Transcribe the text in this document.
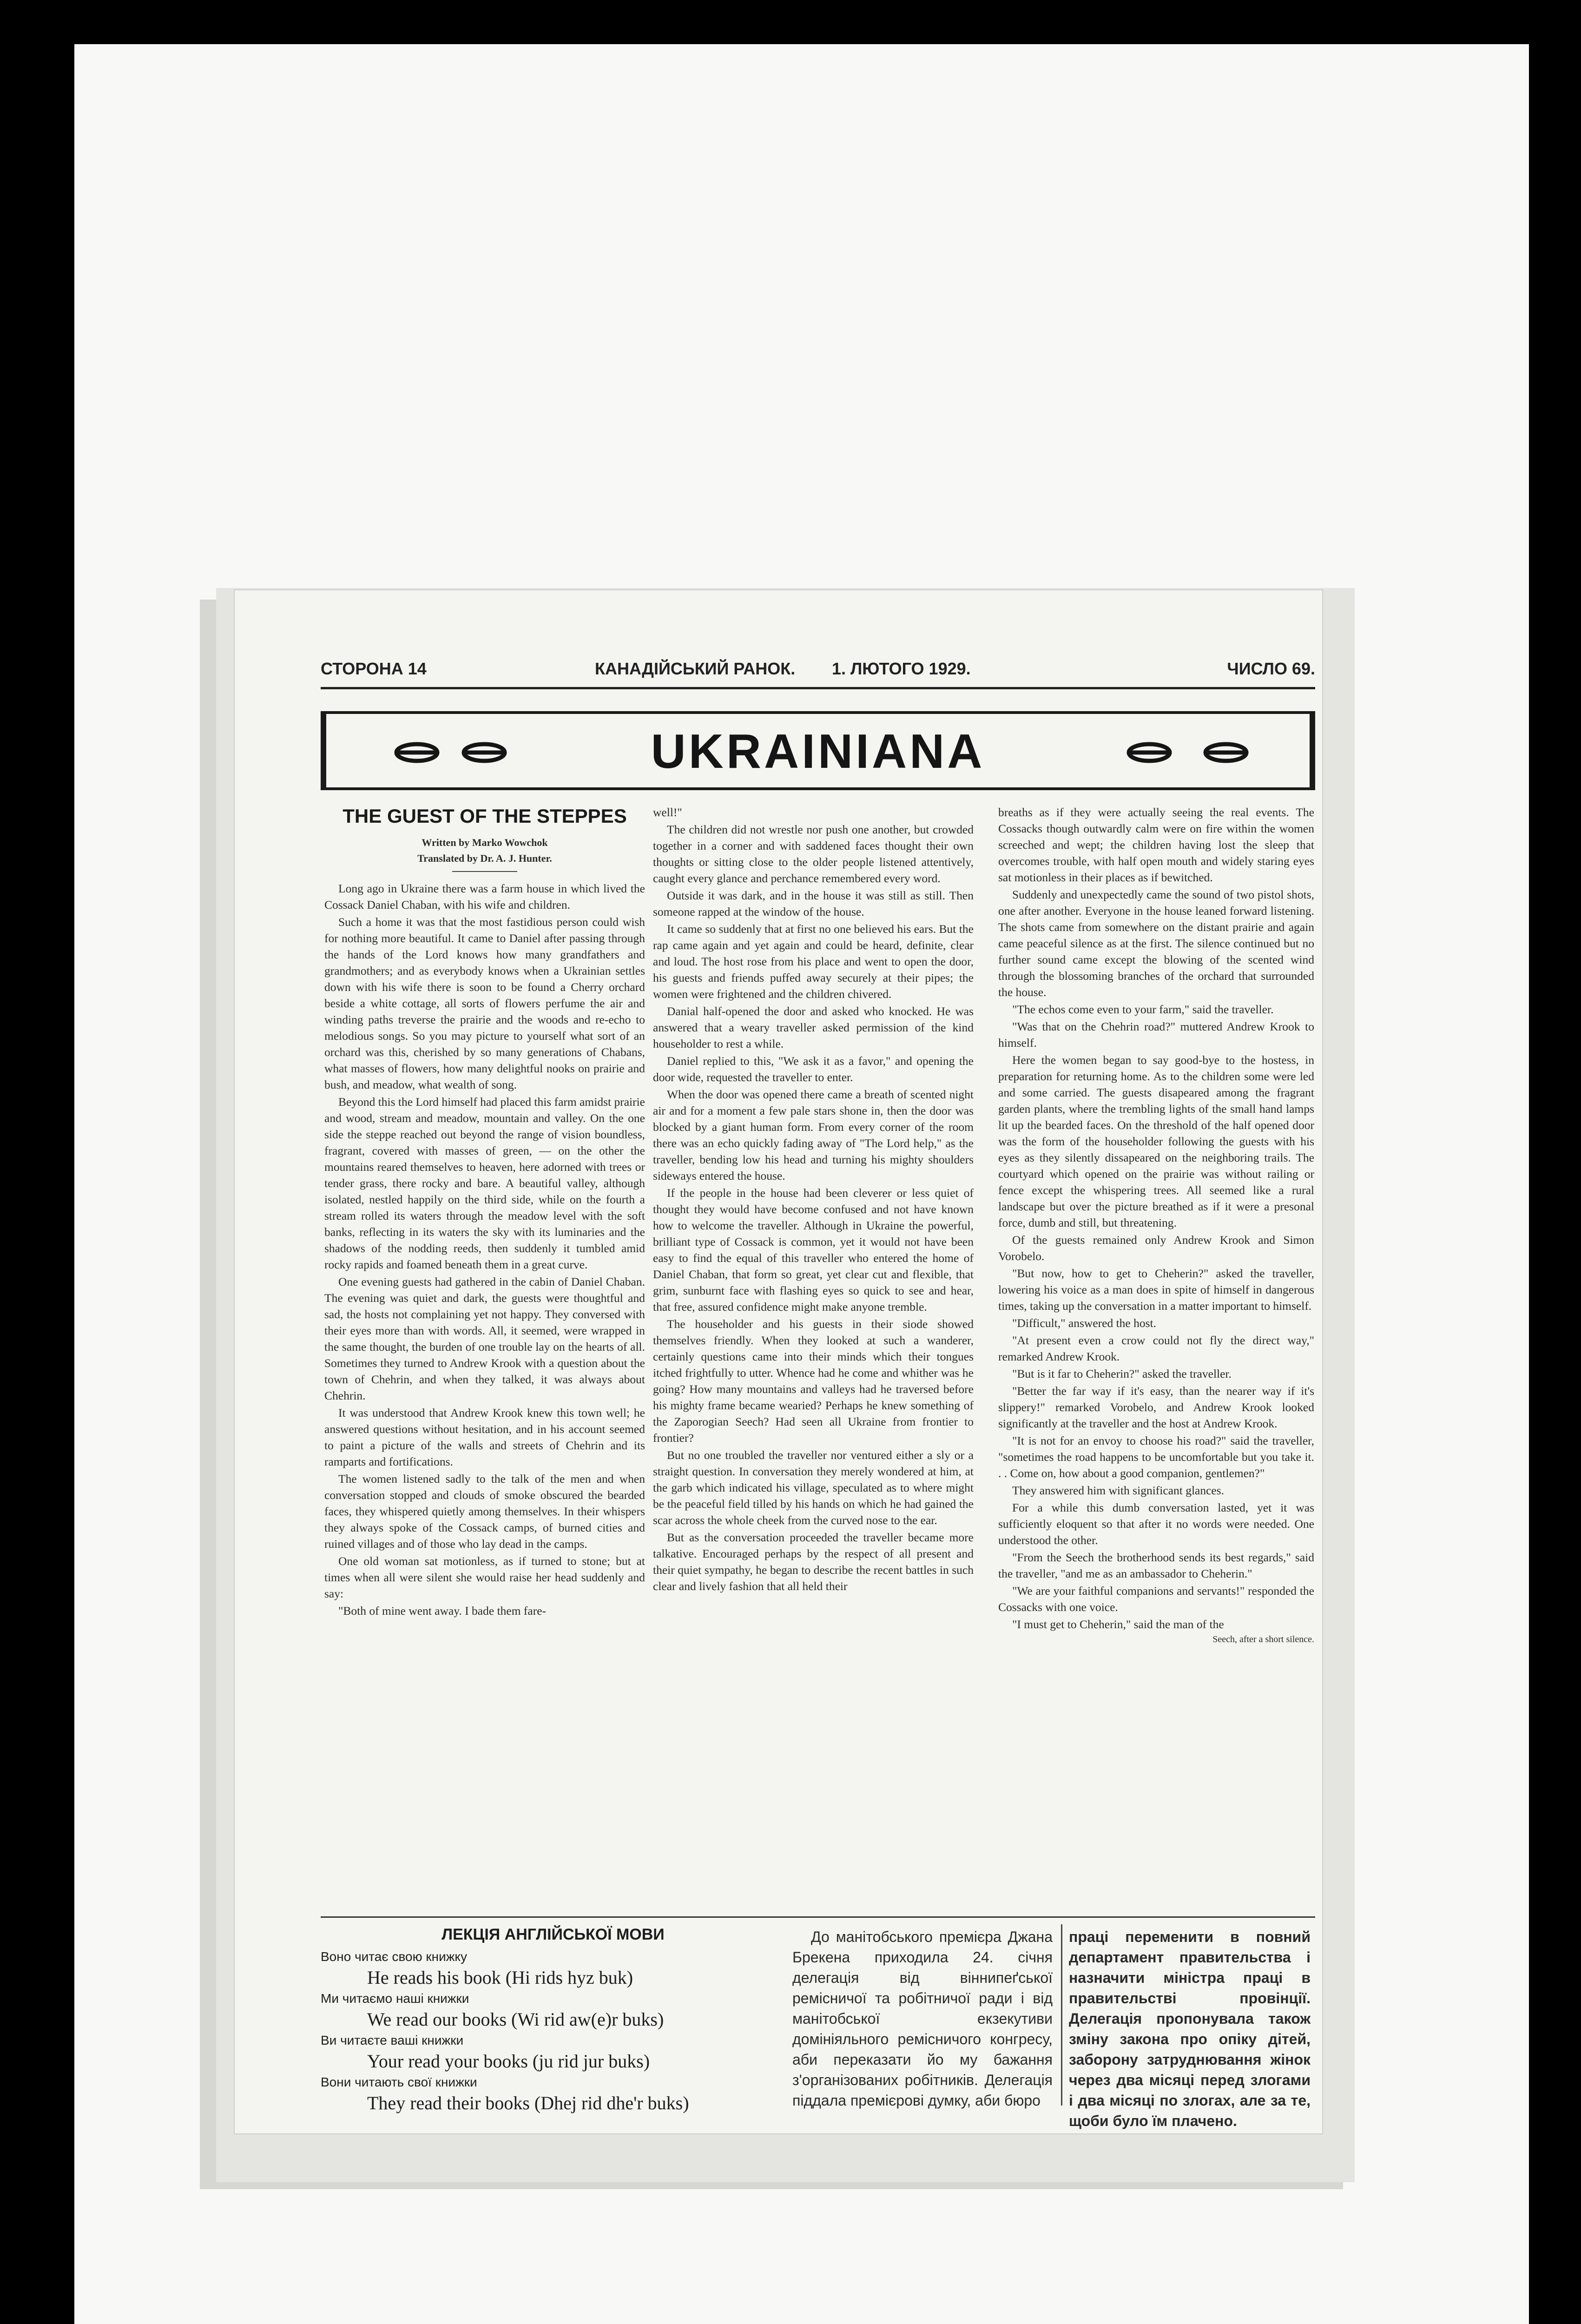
СТОРОНА 14	КАНАДІЙСЬКИЙ РАНОК. 1. ЛЮТОГО 1929.	ЧИСЛО 69.
UKRAINIANA
THE GUEST OF THE STEPPES
Written by Marko Wowchok
Translated by Dr. A. J. Hunter.

Long ago in Ukraine there was a farm house in which lived the Cossack Daniel Chaban, with his wife and children.

Such a home it was that the most fastidious person could wish for nothing more beautiful. It came to Daniel after passing through the hands of the Lord knows how many grandfathers and grandmothers; and as everybody knows when a Ukrainian settles down with his wife there is soon to be found a Cherry orchard beside a white cottage, all sorts of flowers perfume the air and winding paths treverse the prairie and the woods and re-echo to melodious songs. So you may picture to yourself what sort of an orchard was this, cherished by so many generations of Chabans, what masses of flowers, how many delightful nooks on prairie and bush, and meadow, what wealth of song.

Beyond this the Lord himself had placed this farm amidst prairie and wood, stream and meadow, mountain and valley. On the one side the steppe reached out beyond the range of vision boundless, fragrant, covered with masses of green, — on the other the mountains reared themselves to heaven, here adorned with trees or tender grass, there rocky and bare. A beautiful valley, although isolated, nestled happily on the third side, while on the fourth a stream rolled its waters through the meadow level with the soft banks, reflecting in its waters the sky with its luminaries and the shadows of the nodding reeds, then suddenly it tumbled amid rocky rapids and foamed beneath them in a great curve.

One evening guests had gathered in the cabin of Daniel Chaban. The evening was quiet and dark, the guests were thoughtful and sad, the hosts not complaining yet not happy. They conversed with their eyes more than with words. All, it seemed, were wrapped in the same thought, the burden of one trouble lay on the hearts of all. Sometimes they turned to Andrew Krook with a question about the town of Chehrin, and when they talked, it was always about Chehrin.

It was understood that Andrew Krook knew this town well; he answered questions without hesitation, and in his account seemed to paint a picture of the walls and streets of Chehrin and its ramparts and fortifications.

The women listened sadly to the talk of the men and when conversation stopped and clouds of smoke obscured the bearded faces, they whispered quietly among themselves. In their whispers they always spoke of the Cossack camps, of burned cities and ruined villages and of those who lay dead in the camps.

One old woman sat motionless, as if turned to stone; but at times when all were silent she would raise her head suddenly and say:

"Both of mine went away. I bade them fare-

well!"

The children did not wrestle nor push one another, but crowded together in a corner and with saddened faces thought their own thoughts or sitting close to the older people listened attentively, caught every glance and perchance remembered every word.

Outside it was dark, and in the house it was still as still. Then someone rapped at the window of the house.

It came so suddenly that at first no one believed his ears. But the rap came again and yet again and could be heard, definite, clear and loud. The host rose from his place and went to open the door, his guests and friends puffed away securely at their pipes; the women were frightened and the children chivered.

Danial half-opened the door and asked who knocked. He was answered that a weary traveller asked permission of the kind householder to rest a while.

Daniel replied to this, "We ask it as a favor," and opening the door wide, requested the traveller to enter.

When the door was opened there came a breath of scented night air and for a moment a few pale stars shone in, then the door was blocked by a giant human form. From every corner of the room there was an echo quickly fading away of "The Lord help," as the traveller, bending low his head and turning his mighty shoulders sideways entered the house.

If the people in the house had been cleverer or less quiet of thought they would have become confused and not have known how to welcome the traveller. Although in Ukraine the powerful, brilliant type of Cossack is common, yet it would not have been easy to find the equal of this traveller who entered the home of Daniel Chaban, that form so great, yet clear cut and flexible, that grim, sunburnt face with flashing eyes so quick to see and hear, that free, assured confidence might make anyone tremble.

The householder and his guests in their siode showed themselves friendly. When they looked at such a wanderer, certainly questions came into their minds which their tongues itched frightfully to utter. Whence had he come and whither was he going? How many mountains and valleys had he traversed before his mighty frame became wearied? Perhaps he knew something of the Zaporogian Seech? Had seen all Ukraine from frontier to frontier?

But no one troubled the traveller nor ventured either a sly or a straight question. In conversation they merely wondered at him, at the garb which indicated his village, speculated as to where might be the peaceful field tilled by his hands on which he had gained the scar across the whole cheek from the curved nose to the ear.

But as the conversation proceeded the traveller became more talkative. Encouraged perhaps by the respect of all present and their quiet sympathy, he began to describe the recent battles in such clear and lively fashion that all held their

breaths as if they were actually seeing the real events. The Cossacks though outwardly calm were on fire within the women screeched and wept; the children having lost the sleep that overcomes trouble, with half open mouth and widely staring eyes sat motionless in their places as if bewitched.

Suddenly and unexpectedly came the sound of two pistol shots, one after another. Everyone in the house leaned forward listening. The shots came from somewhere on the distant prairie and again came peaceful silence as at the first. The silence continued but no further sound came except the blowing of the scented wind through the blossoming branches of the orchard that surrounded the house.

"The echos come even to your farm," said the traveller.

"Was that on the Chehrin road?" muttered Andrew Krook to himself.

Here the women began to say good-bye to the hostess, in preparation for returning home. As to the children some were led and some carried. The guests disapeared among the fragrant garden plants, where the trembling lights of the small hand lamps lit up the bearded faces. On the threshold of the half opened door was the form of the householder following the guests with his eyes as they silently dissapeared on the neighboring trails. The courtyard which opened on the prairie was without railing or fence except the whispering trees. All seemed like a rural landscape but over the picture breathed as if it were a presonal force, dumb and still, but threatening.

Of the guests remained only Andrew Krook and Simon Vorobelo.

"But now, how to get to Cheherin?" asked the traveller, lowering his voice as a man does in spite of himself in dangerous times, taking up the conversation in a matter important to himself.

"Difficult," answered the host.

"At present even a crow could not fly the direct way," remarked Andrew Krook.

"But is it far to Cheherin?" asked the traveller.

"Better the far way if it's easy, than the nearer way if it's slippery!" remarked Vorobelo, and Andrew Krook looked significantly at the traveller and the host at Andrew Krook.

"It is not for an envoy to choose his road?" said the traveller, "sometimes the road happens to be uncomfortable but you take it. . . Come on, how about a good companion, gentlemen?"

They answered him with significant glances.

For a while this dumb conversation lasted, yet it was sufficiently eloquent so that after it no words were needed. One understood the other.

"From the Seech the brotherhood sends its best regards," said the traveller, "and me as an ambassador to Cheherin."

"We are your faithful companions and servants!" responded the Cossacks with one voice.

"I must get to Cheherin," said the man of the

Seech, after a short silence.
ЛЕКЦІЯ АНГЛІЙСЬКОЇ МОВИ
Воно читає свою книжку
He reads his book (Hi rids hyz buk)
Ми читаємо наші книжки
We read our books (Wi rid aw(e)r buks)
Ви читаєте ваші книжки
Your read your books (ju rid jur buks)
Вони читають свої книжки
They read their books (Dhej rid dhe'r buks)

До манітобського премієра Джана Брекена приходила 24. січня делегація від віннипеґської ремісничої та робітничої ради і від манітобської екзекутиви домініяльного ремісничого конгресу, аби переказати йо му бажання з'організованих робітників. Делегація піддала премієрові думку, аби бюро

праці переменити в повний департамент правительства і назначити міністра праці в правительстві провінції. Делегація пропонувала також зміну закона про опіку дітей, заборону затруднювання жінок через два місяці перед злогами і два місяці по злогах, але за те, щоби було їм плачено.
